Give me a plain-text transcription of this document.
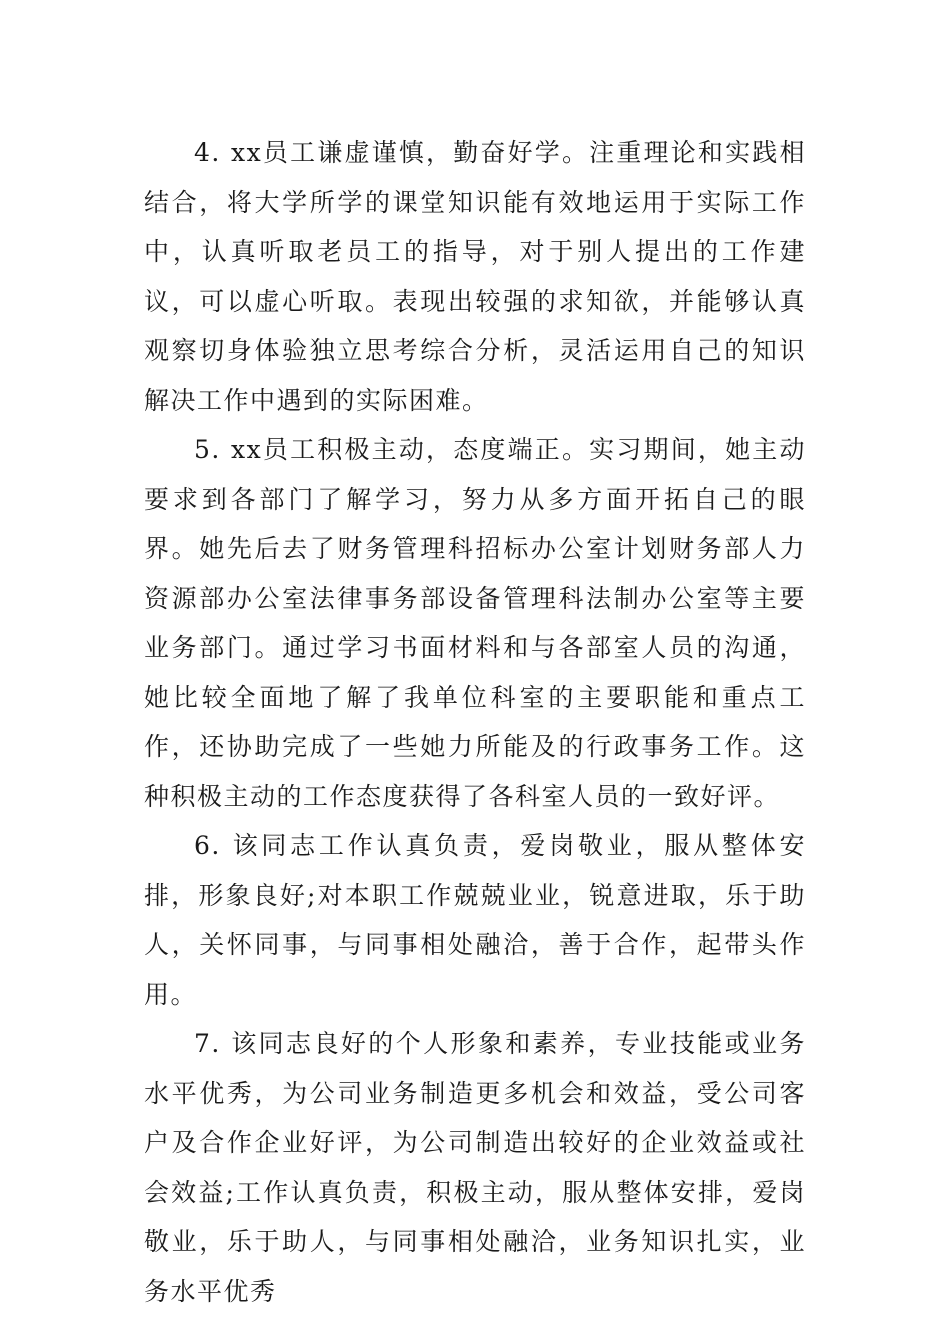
4. xx员工谦虚谨慎，勤奋好学。注重理论和实践相结合，将大学所学的课堂知识能有效地运用于实际工作中，认真听取老员工的指导，对于别人提出的工作建议，可以虚心听取。表现出较强的求知欲，并能够认真观察切身体验独立思考综合分析，灵活运用自己的知识解决工作中遇到的实际困难。

5. xx员工积极主动，态度端正。实习期间，她主动要求到各部门了解学习，努力从多方面开拓自己的眼界。她先后去了财务管理科招标办公室计划财务部人力资源部办公室法律事务部设备管理科法制办公室等主要业务部门。通过学习书面材料和与各部室人员的沟通，她比较全面地了解了我单位科室的主要职能和重点工作，还协助完成了一些她力所能及的行政事务工作。这种积极主动的工作态度获得了各科室人员的一致好评。

6. 该同志工作认真负责，爱岗敬业，服从整体安排，形象良好;对本职工作兢兢业业，锐意进取，乐于助人，关怀同事，与同事相处融洽，善于合作，起带头作用。

7. 该同志良好的个人形象和素养，专业技能或业务水平优秀，为公司业务制造更多机会和效益，受公司客户及合作企业好评，为公司制造出较好的企业效益或社会效益;工作认真负责，积极主动，服从整体安排，爱岗敬业，乐于助人，与同事相处融洽，业务知识扎实，业务水平优秀
